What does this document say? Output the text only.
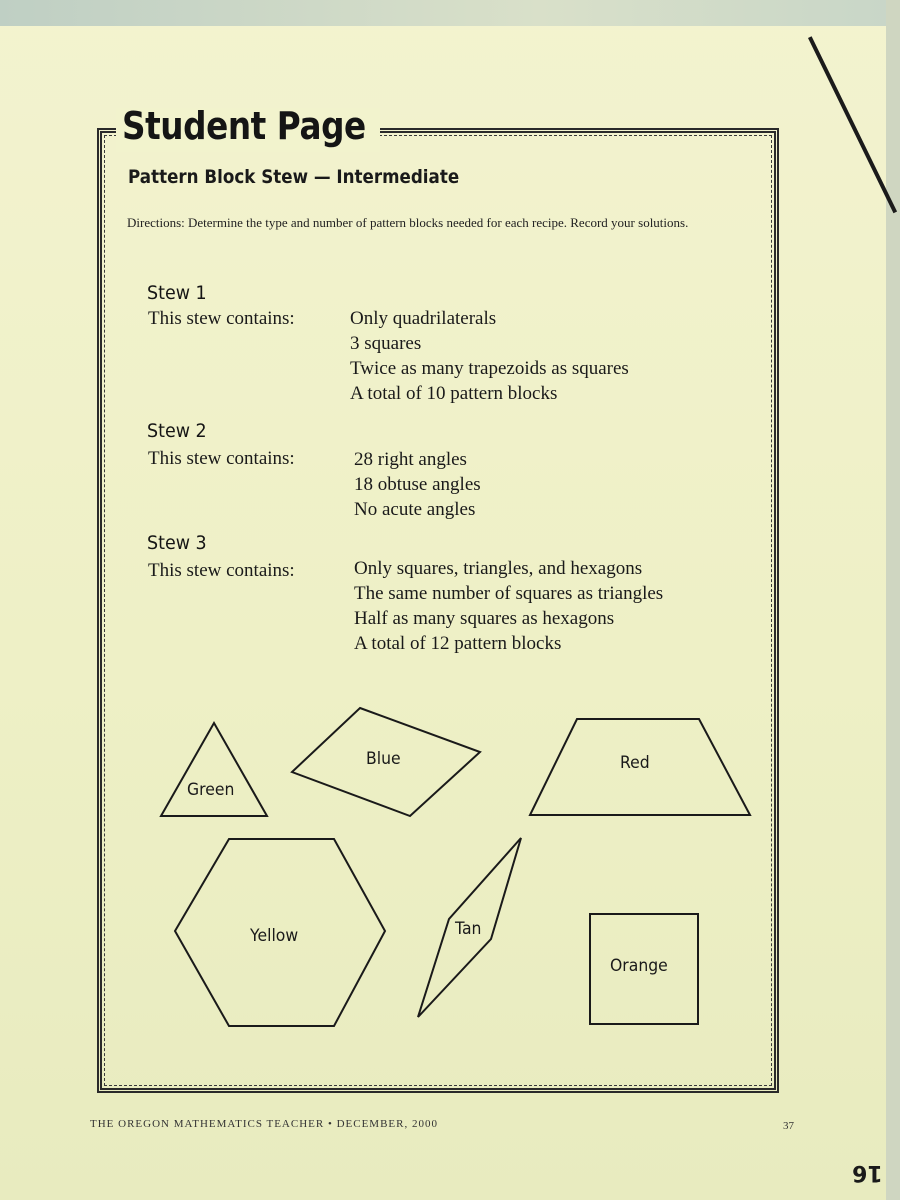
Student Page
Pattern Block Stew — Intermediate
Directions: Determine the type and number of pattern blocks needed for each recipe. Record your solutions.
Stew 1
This stew contains:	Only quadrilaterals
3 squares
Twice as many trapezoids as squares
A total of 10 pattern blocks
Stew 2
This stew contains:	28 right angles
18 obtuse angles
No acute angles
Stew 3
This stew contains:	Only squares, triangles, and hexagons
The same number of squares as triangles
Half as many squares as hexagons
A total of 12 pattern blocks
Green
Blue	Red
Yellow	Tan
Orange
THE OREGON MATHEMATICS TEACHER • DECEMBER, 2000	37
16
